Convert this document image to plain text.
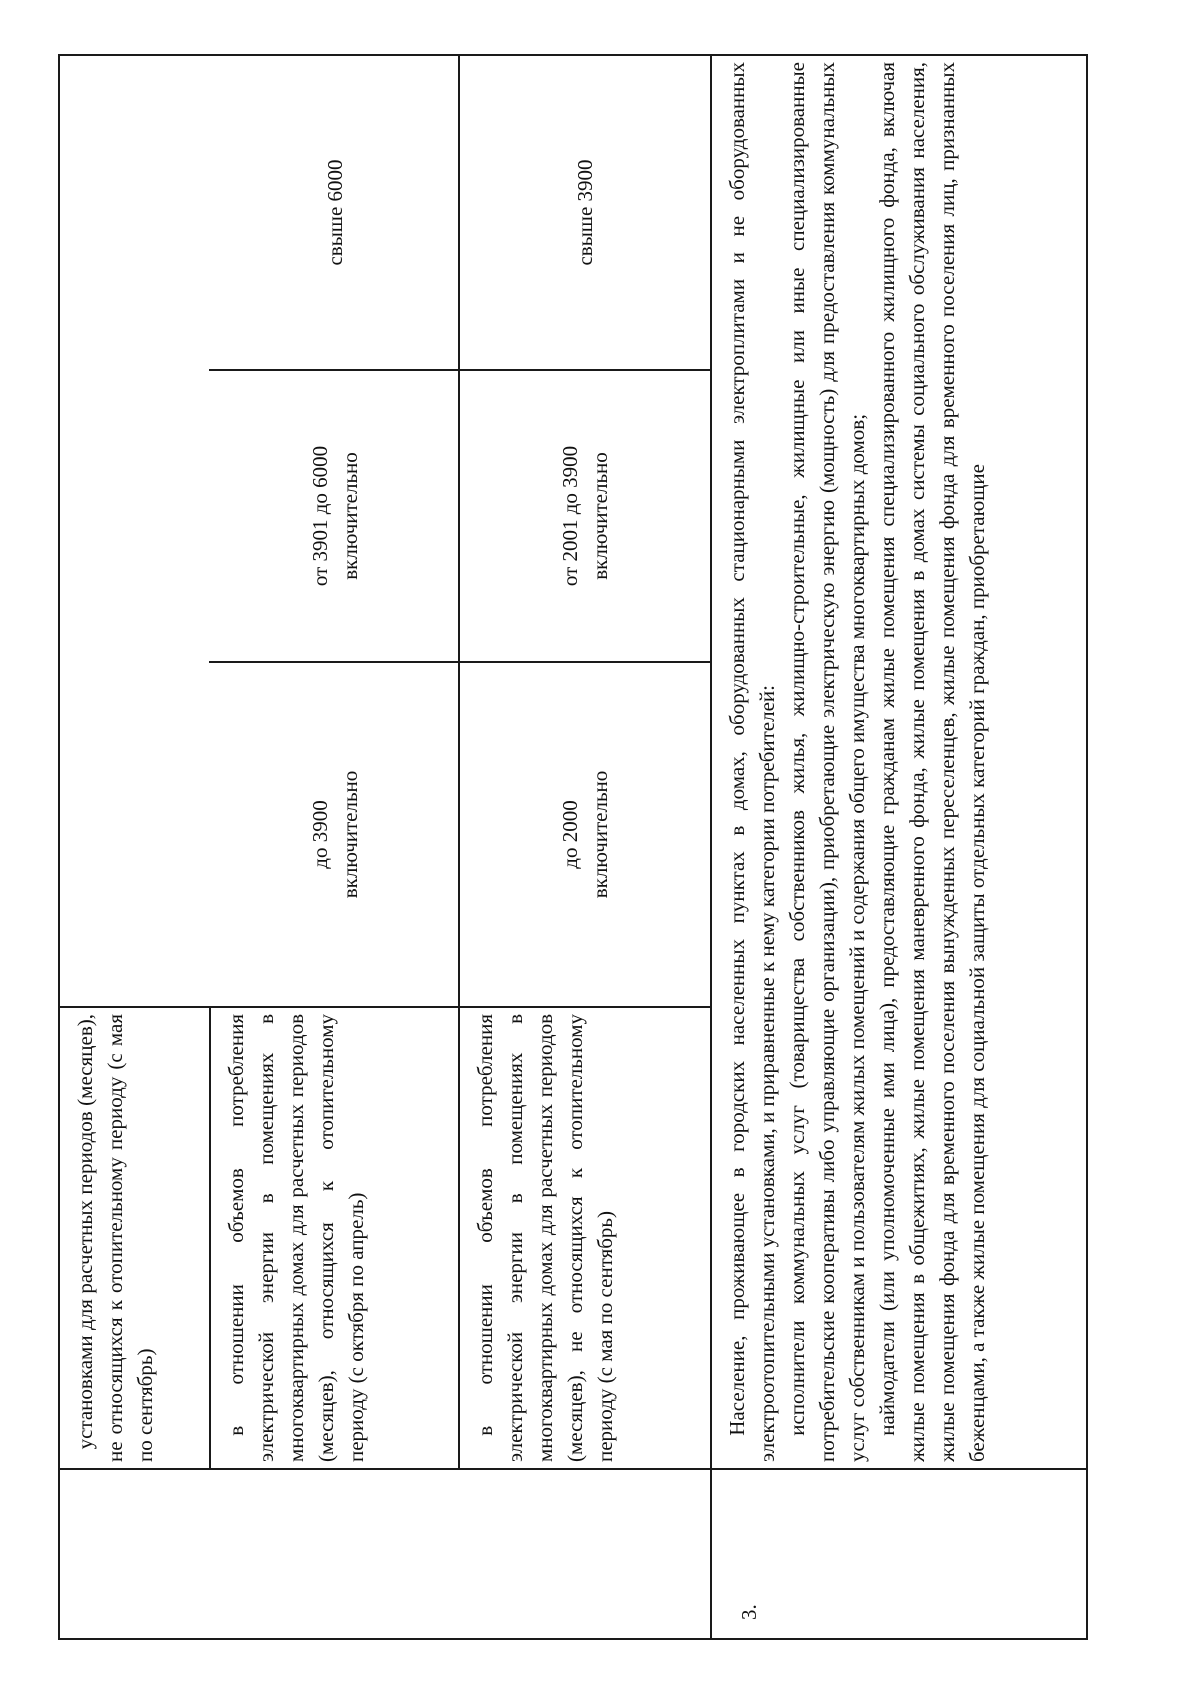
установками для расчетных периодов (месяцев), не относящихся к отопительному периоду (с мая по сентябрь)	в отношении объемов потребления электрической энергии в помещениях в многоквартирных домах для расчетных периодов (месяцев), относящихся к отопительному периоду (с октября по апрель)

до 3900
включительно
от 3901 до 6000
включительно
свыше 6000

в отношении объемов потребления электрической энергии в помещениях в многоквартирных домах для расчетных периодов (месяцев), не относящихся к отопительному периоду (с мая по сентябрь)

до 2000
включительно
от 2001 до 3900
включительно
свыше 3900
3.

Население, проживающее в городских населенных пунктах в домах, оборудованных стационарными электроплитами и не оборудованных электроотопительными установками, и приравненные к нему категории потребителей: исполнители коммунальных услуг (товарищества собственников жилья, жилищно-строительные, жилищные или иные специализированные потребительские кооперативы либо управляющие организации), приобретающие электрическую энергию (мощность) для предоставления коммунальных услуг собственникам и пользователям жилых помещений и содержания общего имущества многоквартирных домов; наймодатели (или уполномоченные ими лица), предоставляющие гражданам жилые помещения специализированного жилищного фонда, включая жилые помещения в общежитиях, жилые помещения маневренного фонда, жилые помещения в домах системы социального обслуживания населения, жилые помещения фонда для временного поселения вынужденных переселенцев, жилые помещения фонда для временного поселения лиц, признанных беженцами, а также жилые помещения для социальной защиты отдельных категорий граждан, приобретающие
